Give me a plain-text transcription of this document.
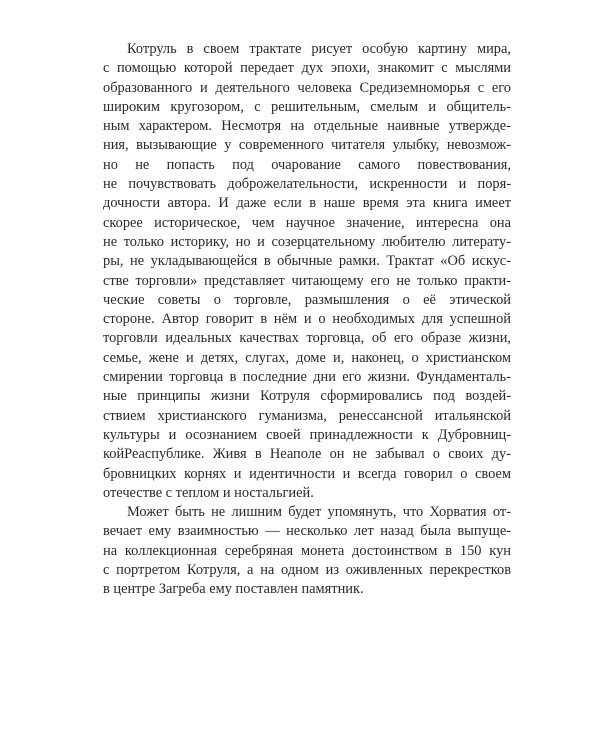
Котруль в своем трактате рисует особую картину мира,
с помощью которой передает дух эпохи, знакомит с мыслями
образованного и деятельного человека Средиземноморья с его
широким кругозором, с решительным, смелым и общитель-
ным характером. Несмотря на отдельные наивные утвержде-
ния, вызывающие у современного читателя улыбку, невозмож-
но не попасть под очарование самого повествования,
не почувствовать доброжелательности, искренности и поря-
дочности автора. И даже если в наше время эта книга имеет
скорее историческое, чем научное значение, интересна она
не только историку, но и созерцательному любителю литерату-
ры, не укладывающейся в обычные рамки. Трактат «Об искус-
стве торговли» представляет читающему его не только практи-
ческие советы о торговле, размышления о её этической
стороне. Автор говорит в нём и о необходимых для успешной
торговли идеальных качествах торговца, об его образе жизни,
семье, жене и детях, слугах, доме и, наконец, о христианском
смирении торговца в последние дни его жизни. Фундаменталь-
ные принципы жизни Котруля сформировались под воздей-
ствием христианского гуманизма, ренессансной итальянской
культуры и осознанием своей принадлежности к Дубровниц-
койРеаспублике. Живя в Неаполе он не забывал о своих ду-
бровницких корнях и идентичности и всегда говорил о своем
отечестве с теплом и ностальгией.
Может быть не лишним будет упомянуть, что Хорватия от-
вечает ему взаимностью — несколько лет назад была выпуще-
на коллекционная серебряная монета достоинством в 150 кун
с портретом Котруля, а на одном из оживленных перекрестков
в центре Загреба ему поставлен памятник.
